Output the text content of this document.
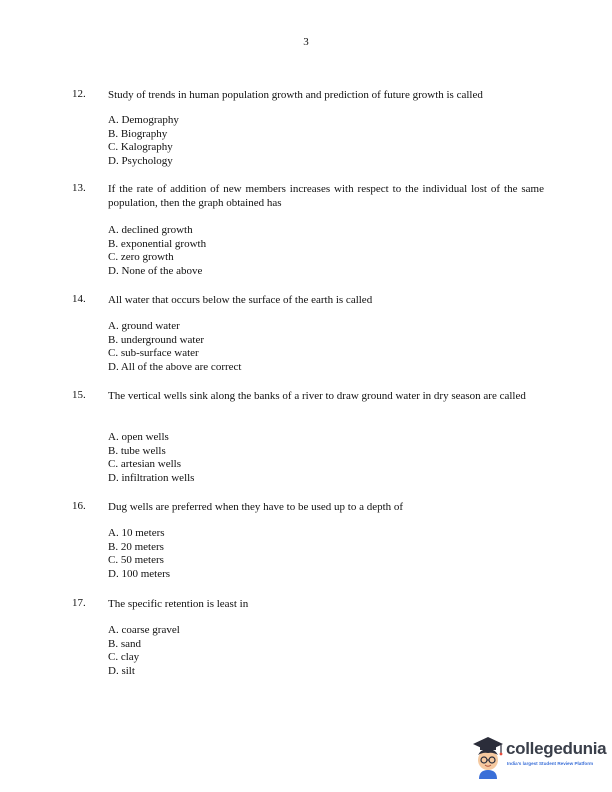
3
12. Study of trends in human population growth and prediction of future growth is called
A. Demography
B. Biography
C. Kalography
D. Psychology
13. If the rate of addition of new members increases with respect to the individual lost of the same population, then the graph obtained has
A. declined growth
B. exponential growth
C. zero growth
D. None of the above
14. All water that occurs below the surface of the earth is called
A. ground water
B. underground water
C. sub-surface water
D. All of the above are correct
15. The vertical wells sink along the banks of a river to draw ground water in dry season are called
A. open wells
B. tube wells
C. artesian wells
D. infiltration wells
16. Dug wells are preferred when they have to be used up to a depth of
A. 10 meters
B. 20 meters
C. 50 meters
D. 100 meters
17. The specific retention is least in
A. coarse gravel
B. sand
C. clay
D. silt
collegedunia
India's largest Student Review Platform
